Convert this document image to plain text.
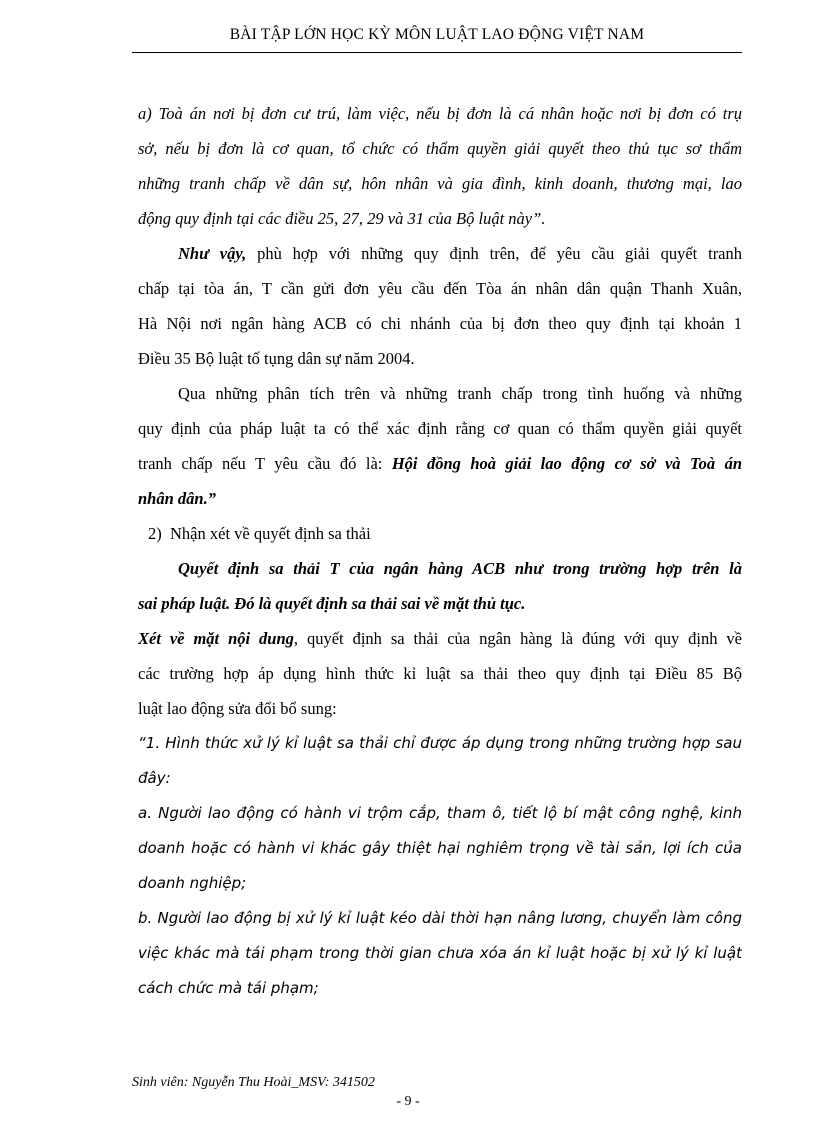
BÀI TẬP LỚN HỌC KỲ MÔN LUẬT LAO ĐỘNG VIỆT NAM
a) Toà án nơi bị đơn cư trú, làm việc, nếu bị đơn là cá nhân hoặc nơi bị đơn có trụ
sở, nếu bị đơn là cơ quan, tổ chức có thẩm quyền giải quyết theo thủ tục sơ thẩm
những tranh chấp về dân sự, hôn nhân và gia đình, kinh doanh, thương mại, lao
động quy định tại các điều 25, 27, 29 và 31 của Bộ luật này”.
Như vậy, phù hợp với những quy định trên, để yêu cầu giải quyết tranh
chấp tại tòa án, T cần gửi đơn yêu cầu đến Tòa án nhân dân quận Thanh Xuân,
Hà Nội nơi ngân hàng ACB có chi nhánh của bị đơn theo quy định tại khoản 1
Điều 35 Bộ luật tố tụng dân sự năm 2004.
Qua những phân tích trên và những tranh chấp trong tình huống và những
quy định của pháp luật ta có thể xác định rằng cơ quan có thẩm quyền giải quyết
tranh chấp nếu T yêu cầu đó là: Hội đồng hoà giải lao động cơ sở và Toà án
nhân dân.”
2) Nhận xét về quyết định sa thải
Quyết định sa thải T của ngân hàng ACB như trong trường hợp trên là
sai pháp luật. Đó là quyết định sa thải sai về mặt thủ tục.
Xét về mặt nội dung, quyết định sa thải của ngân hàng là đúng với quy định về
các trường hợp áp dụng hình thức kỉ luật sa thải theo quy định tại Điều 85 Bộ
luật lao động sửa đổi bổ sung:
“1. Hình thức xử lý kỉ luật sa thải chỉ được áp dụng trong những trường hợp sau
đây:
a. Người lao động có hành vi trộm cắp, tham ô, tiết lộ bí mật công nghệ, kinh
doanh hoặc có hành vi khác gây thiệt hại nghiêm trọng về tài sản, lợi ích của
doanh nghiệp;
b. Người lao động bị xử lý kỉ luật kéo dài thời hạn nâng lương, chuyển làm công
việc khác mà tái phạm trong thời gian chưa xóa án kỉ luật hoặc bị xử lý kỉ luật
cách chức mà tái phạm;
Sinh viên: Nguyễn Thu Hoài_MSV: 341502
- 9 -
